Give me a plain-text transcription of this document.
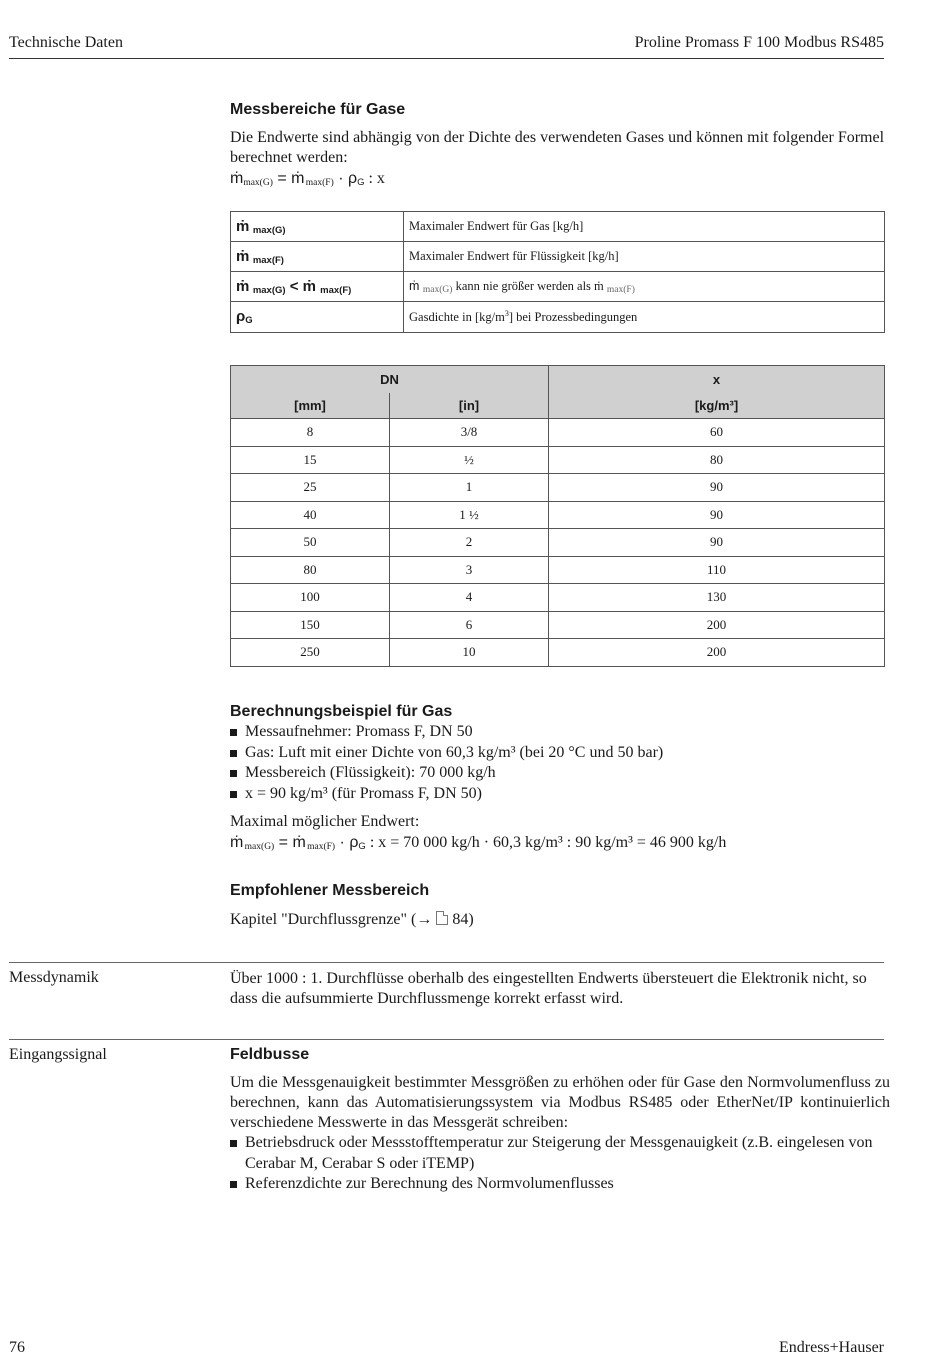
Technische Daten	Proline Promass F 100 Modbus RS485
Messbereiche für Gase

Die Endwerte sind abhängig von der Dichte des verwendeten Gases und können mit folgender Formel berechnet werden:

ṁ$_{max(G)}$ = ṁ $_{max(F)} \cdot \rho_G$ : x
ṁ $_{max(G)}$	Maximaler Endwert für Gas [kg/h]
ṁ $_{max(F)}$	Maximaler Endwert für Flüssigkeit [kg/h]
ṁ $_{max(G)}$ < ṁ $_{max(F)}$	ṁ $_{max(G)}$ kann nie größer werden als ṁ $_{max(F)}$
$\rho_G$	Gasdichte in $[kg/m^3]$ bei Prozessbedingungen
DN		x
[mm]	[in]	[kg/m³]
8	3/8	60
15	½	80
25	1	90
40	1 ½	90
50	2	90
80	3	110
100	4	130
150	6	200
250	10	200
Berechnungsbeispiel für Gas
Messaufnehmer: Promass F, DN 50
Gas: Luft mit einer Dichte von 60,3 kg/m³ (bei 20 °C und 50 bar)
Messbereich (Flüssigkeit): 70 000 kg/h
x = 90 kg/m³ (für Promass F, DN 50)

Maximal möglicher Endwert:

ṁ $_{max(G)}$ = ṁ $_{max(F)} \cdot \rho_G$ : x = 70 000 kg/h · 60,3 kg/m³ : 90 kg/m³ = 46 900 kg/h
Empfohlener Messbereich

Kapitel "Durchflussgrenze" (→
84)

Messdynamik	Über 1000 : 1. Durchflüsse oberhalb des eingestellten Endwerts übersteuert die Elektronik nicht, so dass die aufsummierte Durchflussmenge korrekt erfasst wird.

Eingangssignal	Feldbusse

Um die Messgenauigkeit bestimmter Messgrößen zu erhöhen oder für Gase den Normvolumenfluss zu berechnen, kann das Automatisierungssystem via Modbus RS485 oder EtherNet/IP kontinuierlich verschiedene Messwerte in das Messgerät schreiben:

Betriebsdruck oder Messstofftemperatur zur Steigerung der Messgenauigkeit (z.B. eingelesen von Cerabar M, Cerabar S oder iTEMP)
Referenzdichte zur Berechnung des Normvolumenflusses
76	Endress+Hauser
